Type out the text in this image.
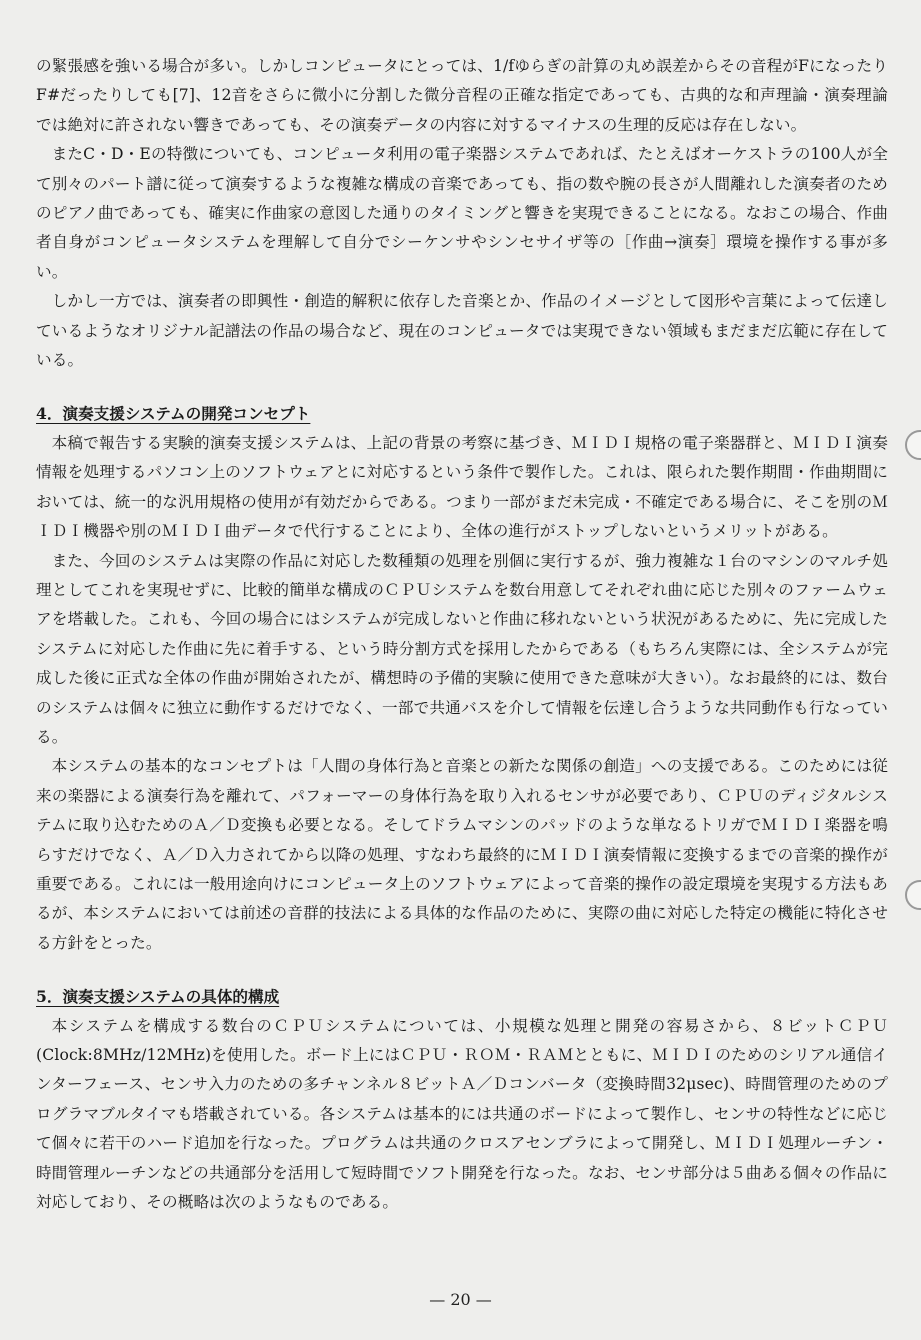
の緊張感を強いる場合が多い。しかしコンピュータにとっては、1/fゆらぎの計算の丸め誤差からその音程がFになったりF#だったりしても[7]、12音をさらに微小に分割した微分音程の正確な指定であっても、古典的な和声理論・演奏理論では絶対に許されない響きであっても、その演奏データの内容に対するマイナスの生理的反応は存在しない。

またC・D・Eの特徴についても、コンピュータ利用の電子楽器システムであれば、たとえばオーケストラの100人が全て別々のパート譜に従って演奏するような複雑な構成の音楽であっても、指の数や腕の長さが人間離れした演奏者のためのピアノ曲であっても、確実に作曲家の意図した通りのタイミングと響きを実現できることになる。なおこの場合、作曲者自身がコンピュータシステムを理解して自分でシーケンサやシンセサイザ等の［作曲→演奏］環境を操作する事が多い。

しかし一方では、演奏者の即興性・創造的解釈に依存した音楽とか、作品のイメージとして図形や言葉によって伝達しているようなオリジナル記譜法の作品の場合など、現在のコンピュータでは実現できない領域もまだまだ広範に存在している。

4．演奏支援システムの開発コンセプト

本稿で報告する実験的演奏支援システムは、上記の背景の考察に基づき、ＭＩＤＩ規格の電子楽器群と、ＭＩＤＩ演奏情報を処理するパソコン上のソフトウェアとに対応するという条件で製作した。これは、限られた製作期間・作曲期間においては、統一的な汎用規格の使用が有効だからである。つまり一部がまだ未完成・不確定である場合に、そこを別のＭＩＤＩ機器や別のＭＩＤＩ曲データで代行することにより、全体の進行がストップしないというメリットがある。

また、今回のシステムは実際の作品に対応した数種類の処理を別個に実行するが、強力複雑な１台のマシンのマルチ処理としてこれを実現せずに、比較的簡単な構成のＣＰＵシステムを数台用意してそれぞれ曲に応じた別々のファームウェアを塔載した。これも、今回の場合にはシステムが完成しないと作曲に移れないという状況があるために、先に完成したシステムに対応した作曲に先に着手する、という時分割方式を採用したからである（もちろん実際には、全システムが完成した後に正式な全体の作曲が開始されたが、構想時の予備的実験に使用できた意味が大きい）。なお最終的には、数台のシステムは個々に独立に動作するだけでなく、一部で共通バスを介して情報を伝達し合うような共同動作も行なっている。

本システムの基本的なコンセプトは「人間の身体行為と音楽との新たな関係の創造」への支援である。このためには従来の楽器による演奏行為を離れて、パフォーマーの身体行為を取り入れるセンサが必要であり、ＣＰＵのディジタルシステムに取り込むためのＡ／Ｄ変換も必要となる。そしてドラムマシンのパッドのような単なるトリガでＭＩＤＩ楽器を鳴らすだけでなく、Ａ／Ｄ入力されてから以降の処理、すなわち最終的にＭＩＤＩ演奏情報に変換するまでの音楽的操作が重要である。これには一般用途向けにコンピュータ上のソフトウェアによって音楽的操作の設定環境を実現する方法もあるが、本システムにおいては前述の音群的技法による具体的な作品のために、実際の曲に対応した特定の機能に特化させる方針をとった。

5．演奏支援システムの具体的構成

本システムを構成する数台のＣＰＵシステムについては、小規模な処理と開発の容易さから、８ビットＣＰＵ(Clock:8MHz/12MHz)を使用した。ボード上にはＣＰＵ・ＲＯＭ・ＲＡＭとともに、ＭＩＤＩのためのシリアル通信インターフェース、センサ入力のための多チャンネル８ビットＡ／Ｄコンバータ（変換時間32μsec)、時間管理のためのプログラマブルタイマも塔載されている。各システムは基本的には共通のボードによって製作し、センサの特性などに応じて個々に若干のハード追加を行なった。プログラムは共通のクロスアセンブラによって開発し、ＭＩＤＩ処理ルーチン・時間管理ルーチンなどの共通部分を活用して短時間でソフト開発を行なった。なお、センサ部分は５曲ある個々の作品に対応しており、その概略は次のようなものである。

— 20 —
